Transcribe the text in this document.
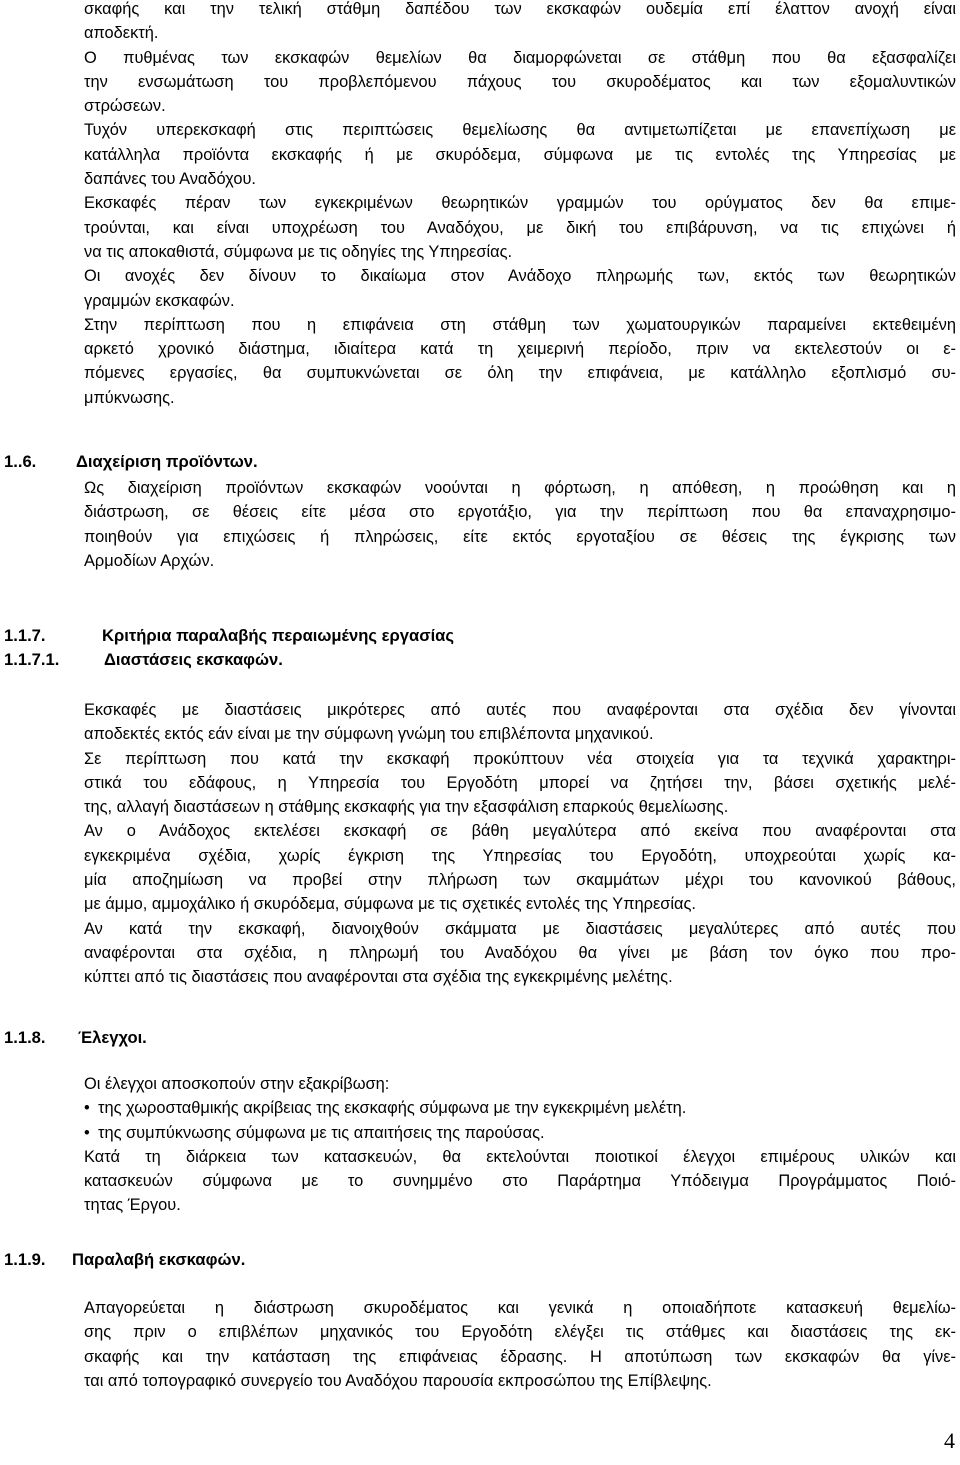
σκαφής και την τελική στάθμη δαπέδου των εκσκαφών ουδεμία επί έλαττον ανοχή είναι
αποδεκτή.
Ο πυθμένας των εκσκαφών θεμελίων θα διαμορφώνεται σε στάθμη που θα εξασφαλίζει
την ενσωμάτωση του προβλεπόμενου πάχους του σκυροδέματος και των εξομαλυντικών
στρώσεων.
Τυχόν υπερεκσκαφή στις περιπτώσεις θεμελίωσης θα αντιμετωπίζεται με επανεπίχωση με
κατάλληλα προϊόντα εκσκαφής ή με σκυρόδεμα, σύμφωνα με τις εντολές της Υπηρεσίας με
δαπάνες του Αναδόχου.
Εκσκαφές πέραν των εγκεκριμένων θεωρητικών γραμμών του ορύγματος δεν θα επιμε-
τρούνται, και είναι υποχρέωση του Αναδόχου, με δική του επιβάρυνση, να τις επιχώνει ή
να τις αποκαθιστά, σύμφωνα με τις οδηγίες της Υπηρεσίας.
Οι ανοχές δεν δίνουν το δικαίωμα στον Ανάδοχο πληρωμής των, εκτός των θεωρητικών
γραμμών εκσκαφών.
Στην περίπτωση που η επιφάνεια στη στάθμη των χωματουργικών παραμείνει εκτεθειμένη
αρκετό χρονικό διάστημα, ιδιαίτερα κατά τη χειμερινή περίοδο, πριν να εκτελεστούν οι ε-
πόμενες εργασίες, θα συμπυκνώνεται σε όλη την επιφάνεια, με κατάλληλο εξοπλισμό συ-
μπύκνωσης.
1..6. Διαχείριση προϊόντων.
Ως διαχείριση προϊόντων εκσκαφών νοούνται η φόρτωση, η απόθεση, η προώθηση και η
διάστρωση, σε θέσεις είτε μέσα στο εργοτάξιο, για την περίπτωση που θα επαναχρησιμο-
ποιηθούν για επιχώσεις ή πληρώσεις, είτε εκτός εργοταξίου σε θέσεις της έγκρισης των
Αρμοδίων Αρχών.
1.1.7.	Κριτήρια παραλαβής περαιωμένης εργασίας
1.1.7.1.	Διαστάσεις εκσκαφών.
Εκσκαφές με διαστάσεις μικρότερες από αυτές που αναφέρονται στα σχέδια δεν γίνονται
αποδεκτές εκτός εάν είναι με την σύμφωνη γνώμη του επιβλέποντα μηχανικού.
Σε περίπτωση που κατά την εκσκαφή προκύπτουν νέα στοιχεία για τα τεχνικά χαρακτηρι-
στικά του εδάφους, η Υπηρεσία του Εργοδότη μπορεί να ζητήσει την, βάσει σχετικής μελέ-
της, αλλαγή διαστάσεων η στάθμης εκσκαφής για την εξασφάλιση επαρκούς θεμελίωσης.
Αν ο Ανάδοχος εκτελέσει εκσκαφή σε βάθη μεγαλύτερα από εκείνα που αναφέρονται στα
εγκεκριμένα σχέδια, χωρίς έγκριση της Υπηρεσίας του Εργοδότη, υποχρεούται χωρίς κα-
μία αποζημίωση να προβεί στην πλήρωση των σκαμμάτων μέχρι του κανονικού βάθους,
με άμμο, αμμοχάλικο ή σκυρόδεμα, σύμφωνα με τις σχετικές εντολές της Υπηρεσίας.
Αν κατά την εκσκαφή, διανοιχθούν σκάμματα με διαστάσεις μεγαλύτερες από αυτές που
αναφέρονται στα σχέδια, η πληρωμή του Αναδόχου θα γίνει με βάση τον όγκο που προ-
κύπτει από τις διαστάσεις που αναφέρονται στα σχέδια της εγκεκριμένης μελέτης.
1.1.8. Έλεγχοι.
Οι έλεγχοι αποσκοπούν στην εξακρίβωση:
• της χωροσταθμικής ακρίβειας της εκσκαφής σύμφωνα με την εγκεκριμένη μελέτη.
• της συμπύκνωσης σύμφωνα με τις απαιτήσεις της παρούσας.
Κατά τη διάρκεια των κατασκευών, θα εκτελούνται ποιοτικοί έλεγχοι επιμέρους υλικών και
κατασκευών σύμφωνα με το συνημμένο στο Παράρτημα Υπόδειγμα Προγράμματος Ποιό-
τητας Έργου.
1.1.9. Παραλαβή εκσκαφών.
Απαγορεύεται η διάστρωση σκυροδέματος και γενικά η οποιαδήποτε κατασκευή θεμελίω-
σης πριν ο επιβλέπων μηχανικός του Εργοδότη ελέγξει τις στάθμες και διαστάσεις της εκ-
σκαφής και την κατάσταση της επιφάνειας έδρασης. Η αποτύπωση των εκσκαφών θα γίνε-
ται από τοπογραφικό συνεργείο του Αναδόχου παρουσία εκπροσώπου της Επίβλεψης.
4
